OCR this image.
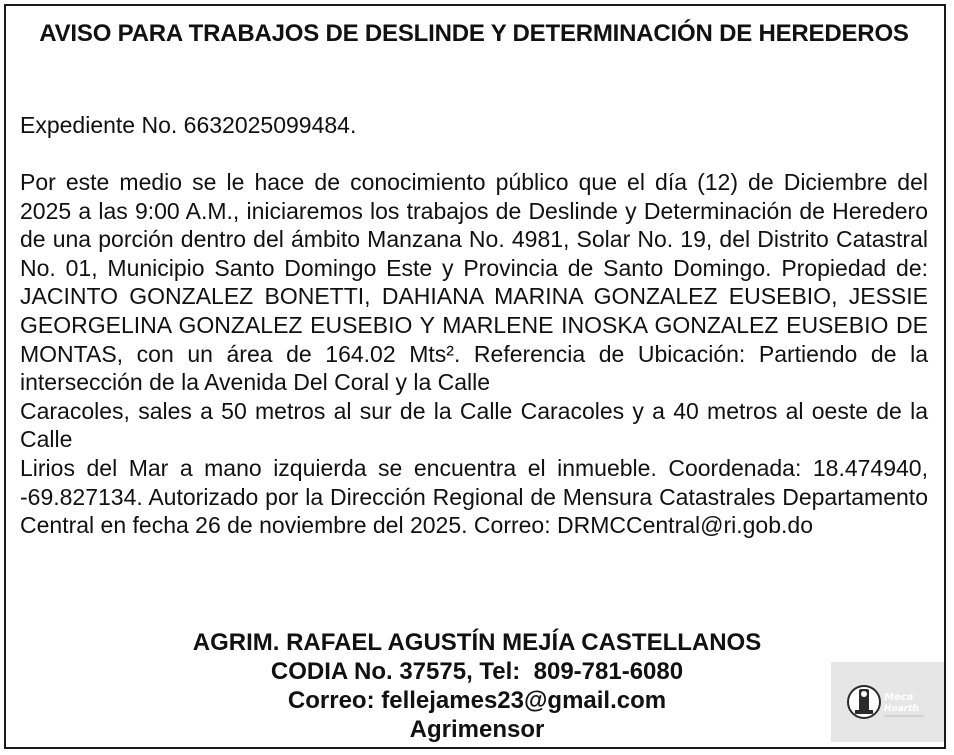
AVISO PARA TRABAJOS DE DESLINDE Y DETERMINACIÓN DE HEREDEROS
Expediente No. 6632025099484.

Por este medio se le hace de conocimiento público que el día (12) de Diciembre del 2025 a las 9:00 A.M., iniciaremos los trabajos de Deslinde y Determinación de Heredero de una porción dentro del ámbito Manzana No. 4981, Solar No. 19, del Distrito Catastral No. 01, Municipio Santo Domingo Este y Provincia de Santo Domingo. Propiedad de: JACINTO GONZALEZ BONETTI, DAHIANA MARINA GONZALEZ EUSEBIO, JESSIE GEORGELINA GONZALEZ EUSEBIO Y MARLENE INOSKA GONZALEZ EUSEBIO DE MONTAS, con un área de 164.02 Mts². Referencia de Ubicación: Partiendo de la intersección de la Avenida Del Coral y la Calle

Caracoles, sales a 50 metros al sur de la Calle Caracoles y a 40 metros al oeste de la Calle

Lirios del Mar a mano izquierda se encuentra el inmueble. Coordenada: 18.474940, -69.827134. Autorizado por la Dirección Regional de Mensura Catastrales Departamento Central en fecha 26 de noviembre del 2025. Correo: DRMCCentral@ri.gob.do

AGRIM. RAFAEL AGUSTÍN MEJÍA CASTELLANOS
CODIA No. 37575, Tel:  809-781-6080
Correo: fellejames23@gmail.com
Agrimensor
Meca
Hearth
